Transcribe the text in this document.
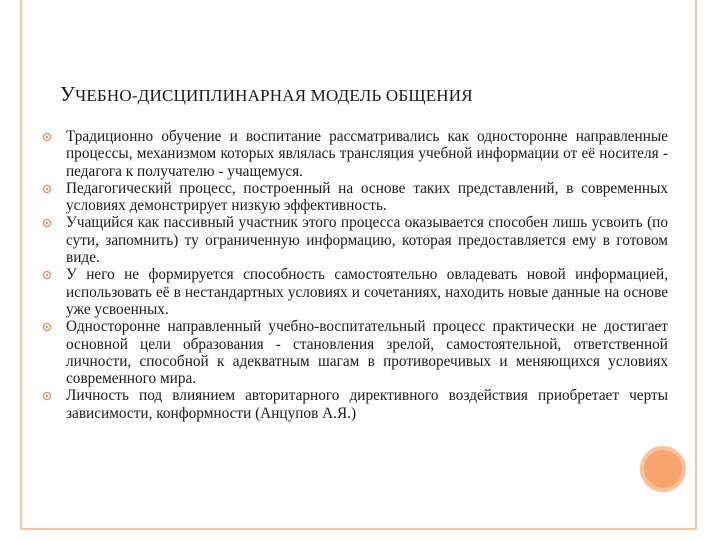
УЧЕБНО-ДИСЦИПЛИНАРНАЯ МОДЕЛЬ ОБЩЕНИЯ
Традиционно обучение и воспитание рассматривались как односторонне направленные процессы, механизмом которых являлась трансляция учебной информации от её носителя - педагога к получателю - учащемуся.
Педагогический процесс, построенный на основе таких представлений, в современных условиях демонстрирует низкую эффективность.
Учащийся как пассивный участник этого процесса оказывается способен лишь усвоить (по сути, запомнить) ту ограниченную информацию, которая предоставляется ему в готовом виде.
У него не формируется способность самостоятельно овладевать новой информацией, использовать её в нестандартных условиях и сочетаниях, находить новые данные на основе уже усвоенных.
Односторонне направленный учебно-воспитательный процесс практически не достигает основной цели образования - становления зрелой, самостоятельной, ответственной личности, способной к адекватным шагам в противоречивых и меняющихся условиях современного мира.
Личность под влиянием авторитарного директивного воздействия приобретает черты зависимости, конформности (Анцупов А.Я.)
